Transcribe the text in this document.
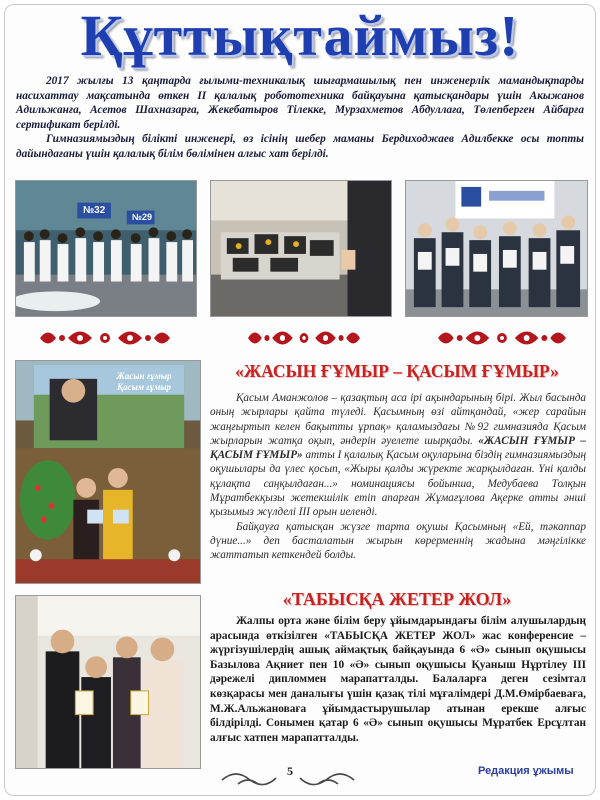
Құттықтаймыз!

2017 жылғы 13 қаңтарда ғылыми-техникалық шығармашылық пен инженерлік мамандықтарды насихаттау мақсатында өткен II қалалық робототехника байқауына қатысқандары үшін Акыжанов Адильжанға, Асетов Шахназарға, Жекебатыров Тілекке, Мурзахметов Абдуллаға, Төлепберген Айбарға сертификат берілді.

Гимназиямыздың білікті инженері, өз ісінің шебер маманы Бердиходжаев Адилбекке осы топты дайындағаны үшін қалалық білім бөлімінен алғыс хат берілді.

№32
№29
Жасын ғұмыр Қасым ғұмыр
«ЖАСЫН ҒҰМЫР – ҚАСЫМ ҒҰМЫР»

Қасым Аманжолов – қазақтың аса ірі ақындарының бірі. Жыл басында оның жырлары қайта түледі. Қасымның өзі айтқандай, «жер сарайын жаңғыртып келен бақытты ұрпақ» қаламыздағы №92 гимназияда Қасым жырларын жатқа оқып, әндерін әуелете шырқады. «ЖАСЫН ҒҰМЫР – ҚАСЫМ ҒҰМЫР» атты І қалалық Қасым оқуларына біздің гимназиямыздың оқушылары да үлес қосып, «Жыры қалды жүректе жарқылдаған. Үні қалды құлақта саңқылдаған...» номинациясы бойынша, Медубаева Толқын Мұратбекқызы жетекшілік етіп апарған Жұмағұлова Ақерке атты әншi қызымыз жүлделі ІІІ орын иеленді.

Байқауға қатысқан жүзге тарта оқушы Қасымның «Ей, тәкаппар дүние...» деп басталатын жырын көрерменнің жадына мәңгілікке жаттатып кеткендей болды.

«ТАБЫСҚА ЖЕТЕР ЖОЛ»

Жалпы орта және білім беру ұйымдарындағы білім алушылардың арасында өткізілген «ТАБЫСҚА ЖЕТЕР ЖОЛ» жас конференсие – жүргізушілердің ашық аймақтық байқауында 6 «Ә» сынып оқушысы Базылова Ақниет пен 10 «Ә» сынып оқушысы Қуаныш Нұртілеу ІІІ дәрежелі дипломмен марапатталды. Балаларға деген сезімтал көзқарасы мен даналығы үшін қазақ тілі мұғалімдері Д.М.Өмірбаеваға, М.Ж.Альжановаға ұйымдастырушылар атынан ерекше алғыс білдірілді. Сонымен қатар 6 «Ә» сынып оқушысы Мұратбек Ерсұлтан алғыс хатпен марапатталды.

5	Редакция ұжымы
